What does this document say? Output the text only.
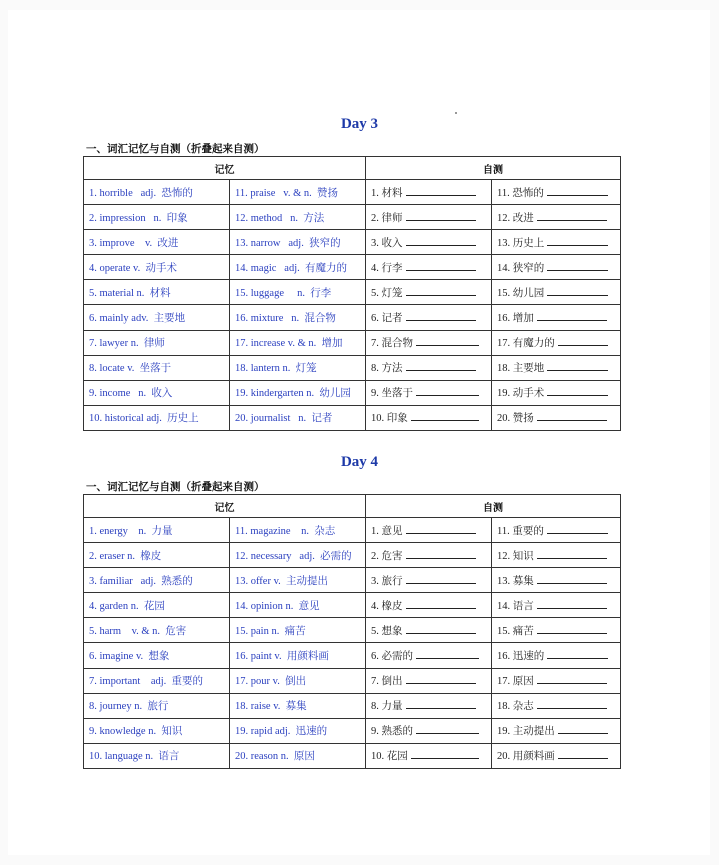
Day 3
一、词汇记忆与自测（折叠起来自测）
记忆		自测	
1. horrible   adj.  恐怖的	11. praise   v. & n.  赞扬	1. 材料	11. 恐怖的
2. impression   n.  印象	12. method   n.  方法	2. 律师	12. 改进
3. improve    v.  改进	13. narrow   adj.  狭窄的	3. 收入	13. 历史上
4. operate v.  动手术	14. magic   adj.  有魔力的	4. 行李	14. 狭窄的
5. material n.  材料	15. luggage     n.  行李	5. 灯笼	15. 幼儿园
6. mainly adv.  主要地	16. mixture   n.  混合物	6. 记者	16. 增加
7. lawyer n.  律师	17. increase v. & n.  增加	7. 混合物	17. 有魔力的
8. locate v.  坐落于	18. lantern n.  灯笼	8. 方法	18. 主要地
9. income   n.  收入	19. kindergarten n.  幼儿园	9. 坐落于	19. 动手术
10. historical adj.  历史上	20. journalist   n.  记者	10. 印象	20. 赞扬
Day 4
一、词汇记忆与自测（折叠起来自测）
记忆		自测	
1. energy    n.  力量	11. magazine    n.  杂志	1. 意见	11. 重要的
2. eraser n.  橡皮	12. necessary   adj.  必需的	2. 危害	12. 知识
3. familiar   adj.  熟悉的	13. offer v.  主动提出	3. 旅行	13. 募集
4. garden n.  花园	14. opinion n.  意见	4. 橡皮	14. 语言
5. harm    v. & n.  危害	15. pain n.  痛苦	5. 想象	15. 痛苦
6. imagine v.  想象	16. paint v.  用颜料画	6. 必需的	16. 迅速的
7. important    adj.  重要的	17. pour v.  倒出	7. 倒出	17. 原因
8. journey n.  旅行	18. raise v.  募集	8. 力量	18. 杂志
9. knowledge n.  知识	19. rapid adj.  迅速的	9. 熟悉的	19. 主动提出
10. language n.  语言	20. reason n.  原因	10. 花园	20. 用颜料画
